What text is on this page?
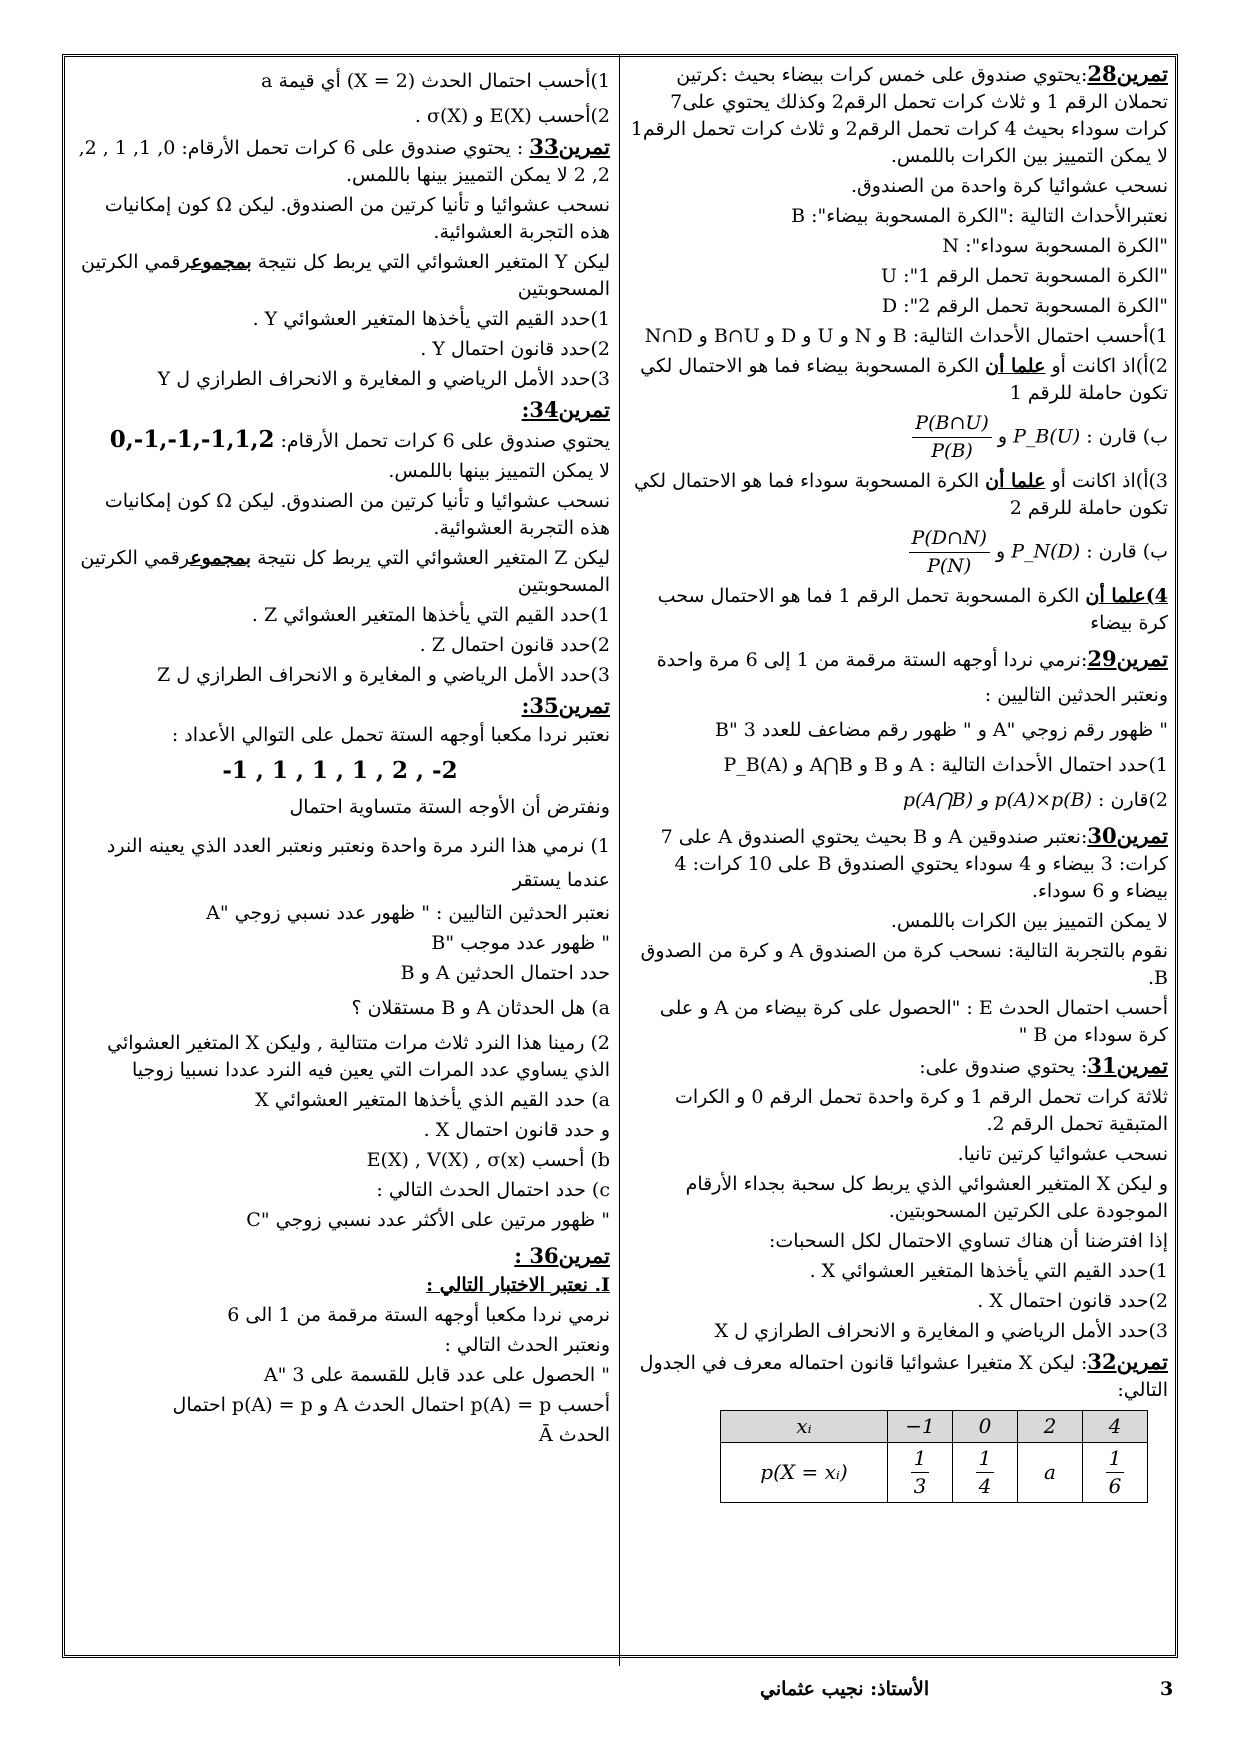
تمرين28:يحتوي صندوق على خمس كرات بيضاء بحيث :كرتين تحملان الرقم 1 و ثلاث كرات تحمل الرقم2 وكذلك يحتوي على7 كرات سوداء بحيث 4 كرات تحمل الرقم2 و ثلاث كرات تحمل الرقم1 لا يمكن التمييز بين الكرات باللمس.

نسحب عشوائيا كرة واحدة من الصندوق.

نعتبرالأحداث التالية :"الكرة المسحوبة بيضاء": B

"الكرة المسحوبة سوداء": N

"الكرة المسحوبة تحمل الرقم 1": U

"الكرة المسحوبة تحمل الرقم 2": D

1)أحسب احتمال الأحداث التالية: B و N و U و D و B∩U و N∩D

2)أ)اذ اكانت أو علما أن الكرة المسحوبة بيضاء فما هو الاحتمال لكي تكون حاملة للرقم 1

ب) قارن : P_B(U) و
$\frac{P(B\cap U)}{P(B)}$

3)أ)اذ اكانت أو علما أن الكرة المسحوبة سوداء فما هو الاحتمال لكي تكون حاملة للرقم 2

ب) قارن : P_N(D) و
$\frac{P(D\cap N)}{P(N)}$

4)علما أن الكرة المسحوبة تحمل الرقم 1 فما هو الاحتمال سحب كرة بيضاء

تمرين29:نرمي نردا أوجهه الستة مرقمة من 1 إلى 6 مرة واحدة

ونعتبر الحدثين التاليين :

" ظهور رقم زوجي "A و " ظهور رقم مضاعف للعدد 3 "B

1)حدد احتمال الأحداث التالية : A و B و A⋂B و P_B(A)

2)قارن : p(A⋂B) و p(A)×p(B)

تمرين30:نعتبر صندوقين A و B بحيث يحتوي الصندوق A على 7 كرات: 3 بيضاء و 4 سوداء يحتوي الصندوق B على 10 كرات: 4 بيضاء و 6 سوداء.

لا يمكن التمييز بين الكرات باللمس.

نقوم بالتجربة التالية: نسحب كرة من الصندوق A و كرة من الصدوق B.

أحسب احتمال الحدث E : "الحصول على كرة بيضاء من A و على كرة سوداء من B "

تمرين31: يحتوي صندوق على:

ثلاثة كرات تحمل الرقم 1 و كرة واحدة تحمل الرقم 0 و الكرات المتبقية تحمل الرقم 2.

نسحب عشوائيا كرتين تانيا.

و ليكن X المتغير العشوائي الذي يربط كل سحبة بجداء الأرقام الموجودة على الكرتين المسحوبتين.

إذا افترضنا أن هناك تساوي الاحتمال لكل السحبات:

1)حدد القيم التي يأخذها المتغير العشوائي X .

2)حدد قانون احتمال X .

3)حدد الأمل الرياضي و المغايرة و الانحراف الطرازي ل X

تمرين32: ليكن X متغيرا عشوائيا قانون احتماله معرف في الجدول التالي:

xᵢ	−1	0	2	4
p(X = xᵢ)	$\frac{1}{3}$	$\frac{1}{4}$	a	$\frac{1}{6}$

1)أحسب احتمال الحدث (X = 2) أي قيمة a

2)أحسب E(X) و σ(X) .

تمرين33 : يحتوي صندوق على 6 كرات تحمل الأرقام: 0, 1, 1 , 2, 2, 2 لا يمكن التمييز بينها باللمس.

نسحب عشوائيا و تأنيا كرتين من الصندوق. ليكن Ω كون إمكانيات هذه التجربة العشوائية.

ليكن Y المتغير العشوائي التي يربط كل نتيجة بمجموعرقمي الكرتين المسحوبتين

1)حدد القيم التي يأخذها المتغير العشوائي Y .

2)حدد قانون احتمال Y .

3)حدد الأمل الرياضي و المغايرة و الانحراف الطرازي ل Y

تمرين34:

يحتوي صندوق على 6 كرات تحمل الأرقام: 0,-1,-1,-1,1,2

لا يمكن التمييز بينها باللمس.

نسحب عشوائيا و تأنيا كرتين من الصندوق. ليكن Ω كون إمكانيات هذه التجربة العشوائية.

ليكن Z المتغير العشوائي التي يربط كل نتيجة بمجموعرقمي الكرتين المسحوبتين

1)حدد القيم التي يأخذها المتغير العشوائي Z .

2)حدد قانون احتمال Z .

3)حدد الأمل الرياضي و المغايرة و الانحراف الطرازي ل Z

تمرين35:

نعتبر نردا مكعبا أوجهه الستة تحمل على التوالي الأعداد :

-1 , 1 , 1 , 1 , 2 , -2

ونفترض أن الأوجه الستة متساوية احتمال

1) نرمي هذا النرد مرة واحدة ونعتبر ونعتبر العدد الذي يعينه النرد عندما يستقر

نعتبر الحدثين التاليين : " ظهور عدد نسبي زوجي "A

" ظهور عدد موجب "B

حدد احتمال الحدثين A و B

a) هل الحدثان A و B مستقلان ؟

2) رمينا هذا النرد ثلاث مرات متتالية , وليكن X المتغير العشوائي الذي يساوي عدد المرات التي يعين فيه النرد عددا نسبيا زوجيا

a) حدد القيم الذي يأخذها المتغير العشوائي X

و حدد قانون احتمال X .

b) أحسب E(X) , V(X) , σ(x)

c) حدد احتمال الحدث التالي :

" ظهور مرتين على الأكثر عدد نسبي زوجي "C

تمرين36 :

I. نعتبر الاختبار التالي :

نرمي نردا مكعبا أوجهه الستة مرقمة من 1 الى 6

ونعتبر الحدث التالي :

" الحصول على عدد قابل للقسمة على 3 "A

أحسب p(A) = p احتمال الحدث A و p(A) = p احتمال

الحدث Ā

الأستاذ: نجيب عثماني	3
